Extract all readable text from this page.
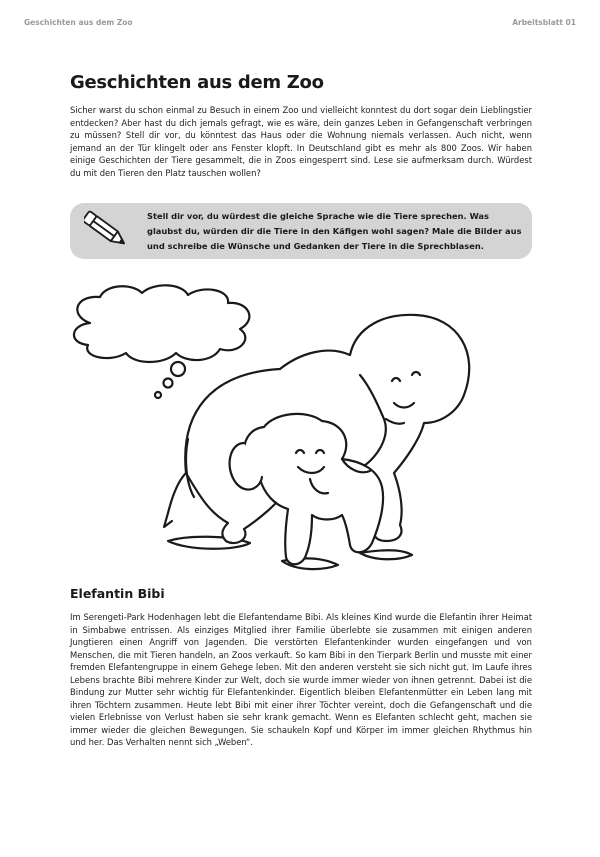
Geschichten aus dem Zoo	Arbeitsblatt 01
Geschichten aus dem Zoo

Sicher warst du schon einmal zu Besuch in einem Zoo und vielleicht konntest du dort sogar dein Lieblingstier entdecken? Aber hast du dich jemals gefragt, wie es wäre, dein ganzes Leben in Gefangenschaft verbringen zu müssen? Stell dir vor, du könntest das Haus oder die Wohnung niemals verlassen. Auch nicht, wenn jemand an der Tür klingelt oder ans Fenster klopft. In Deutschland gibt es mehr als 800 Zoos. Wir haben einige Geschichten der Tiere gesammelt, die in Zoos eingesperrt sind. Lese sie aufmerksam durch. Würdest du mit den Tieren den Platz tauschen wollen?

Stell dir vor, du würdest die gleiche Sprache wie die Tiere sprechen. Was glaubst du, würden dir die Tiere in den Käfigen wohl sagen? Male die Bilder aus und schreibe die Wünsche und Gedanken der Tiere in die Sprechblasen.

Elefantin Bibi

Im Serengeti-Park Hodenhagen lebt die Elefantendame Bibi. Als kleines Kind wurde die Elefantin ihrer Heimat in Simbabwe entrissen. Als einziges Mitglied ihrer Familie überlebte sie zusammen mit einigen anderen Jungtieren einen Angriff von Jagenden. Die verstörten Elefantenkinder wurden eingefangen und von Menschen, die mit Tieren handeln, an Zoos verkauft. So kam Bibi in den Tierpark Berlin und musste mit einer fremden Elefantengruppe in einem Gehege leben. Mit den anderen versteht sie sich nicht gut. Im Laufe ihres Lebens brachte Bibi mehrere Kinder zur Welt, doch sie wurde immer wieder von ihnen getrennt. Dabei ist die Bindung zur Mutter sehr wichtig für Elefantenkinder. Eigentlich bleiben Elefantenmütter ein Leben lang mit ihren Töchtern zusammen. Heute lebt Bibi mit einer ihrer Töchter vereint, doch die Gefangenschaft und die vielen Erlebnisse von Verlust haben sie sehr krank gemacht. Wenn es Elefanten schlecht geht, machen sie immer wieder die gleichen Bewegungen. Sie schaukeln Kopf und Körper im immer gleichen Rhythmus hin und her. Das Verhalten nennt sich „Weben“.
